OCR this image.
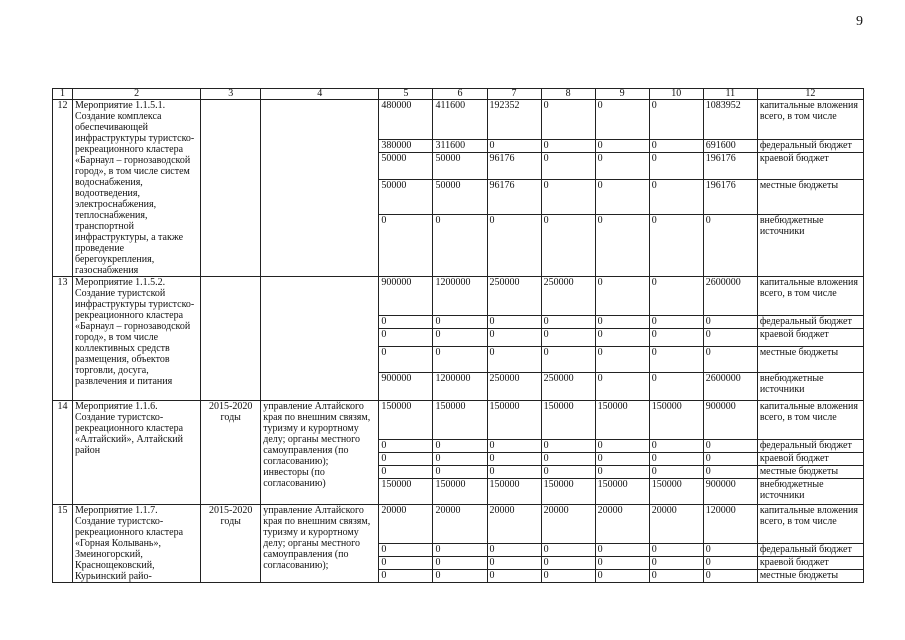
9
1	2	3	4	5	6	7	8	9	10	11	12
12	Мероприятие 1.1.5.1. Создание комплекса обеспечивающей инфраструктуры туристско-рекреационного кластера «Барнаул – горнозаводской город», в том числе систем водоснабжения, водоотведения, электроснабжения, теплоснабжения, транспортной инфраструктуры, а также проведение берегоукрепления, газоснабжения			480000	411600	192352	0	0	0	1083952	капитальные вложения всего, в том числе
				380000	311600	0	0	0	0	691600	федеральный бюджет
				50000	50000	96176	0	0	0	196176	краевой бюджет
				50000	50000	96176	0	0	0	196176	местные бюджеты
				0	0	0	0	0	0	0	внебюджетные источники
13	Мероприятие 1.1.5.2. Создание туристской инфраструктуры туристско-рекреационного кластера «Барнаул – горнозаводской город», в том числе коллективных средств размещения, объектов торговли, досуга, развлечения и питания			900000	1200000	250000	250000	0	0	2600000	капитальные вложения всего, в том числе
				0	0	0	0	0	0	0	федеральный бюджет
				0	0	0	0	0	0	0	краевой бюджет
				0	0	0	0	0	0	0	местные бюджеты
				900000	1200000	250000	250000	0	0	2600000	внебюджетные источники
14	Мероприятие 1.1.6. Создание туристско-рекреационного кластера «Алтайский», Алтайский район	2015-2020 годы	управление Алтайского края по внешним связям, туризму и курортному делу; органы местного самоуправления (по согласованию); инвесторы (по согласованию)	150000	150000	150000	150000	150000	150000	900000	капитальные вложения всего, в том числе
				0	0	0	0	0	0	0	федеральный бюджет
				0	0	0	0	0	0	0	краевой бюджет
				0	0	0	0	0	0	0	местные бюджеты
				150000	150000	150000	150000	150000	150000	900000	внебюджетные источники
15	Мероприятие 1.1.7. Создание туристско-рекреационного кластера «Горная Колывань», Змеиногорский, Краснощековский, Курьинский райо-	2015-2020 годы	управление Алтайского края по внешним связям, туризму и курортному делу; органы местного самоуправления (по согласованию);	20000	20000	20000	20000	20000	20000	120000	капитальные вложения всего, в том числе
				0	0	0	0	0	0	0	федеральный бюджет
				0	0	0	0	0	0	0	краевой бюджет
				0	0	0	0	0	0	0	местные бюджеты
